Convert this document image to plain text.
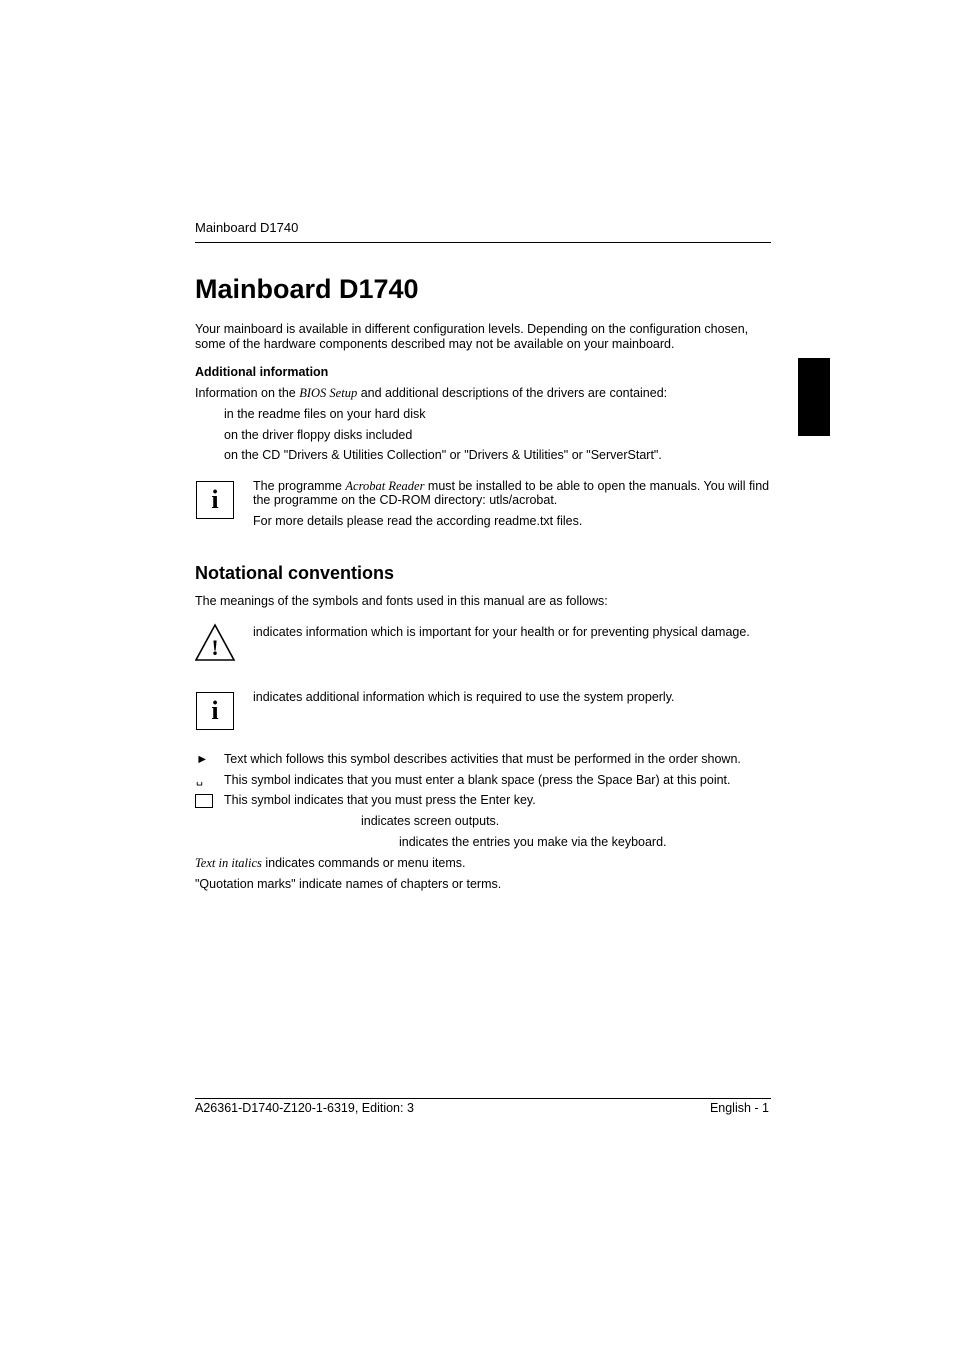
Mainboard D1740
Mainboard D1740
Your mainboard is available in different configuration levels. Depending on the configuration chosen, some of the hardware components described may not be available on your mainboard.
Additional information
Information on the BIOS Setup and additional descriptions of the drivers are contained:
in the readme files on your hard disk
on the driver floppy disks included
on the CD "Drivers & Utilities Collection" or "Drivers & Utilities" or "ServerStart".
i	The programme Acrobat Reader must be installed to be able to open the manuals. You will find the programme on the CD-ROM directory: utls/acrobat.
For more details please read the according readme.txt files.
Notational conventions
The meanings of the symbols and fonts used in this manual are as follows:
!
indicates information which is important for your health or for preventing physical damage.
i	indicates additional information which is required to use the system properly.
► Text which follows this symbol describes activities that must be performed in the order shown.
␣ This symbol indicates that you must enter a blank space (press the Space Bar) at this point.
This symbol indicates that you must press the Enter key.
indicates screen outputs.
indicates the entries you make via the keyboard.
Text in italics indicates commands or menu items.
"Quotation marks" indicate names of chapters or terms.
A26361-D1740-Z120-1-6319, Edition: 3	English - 1
